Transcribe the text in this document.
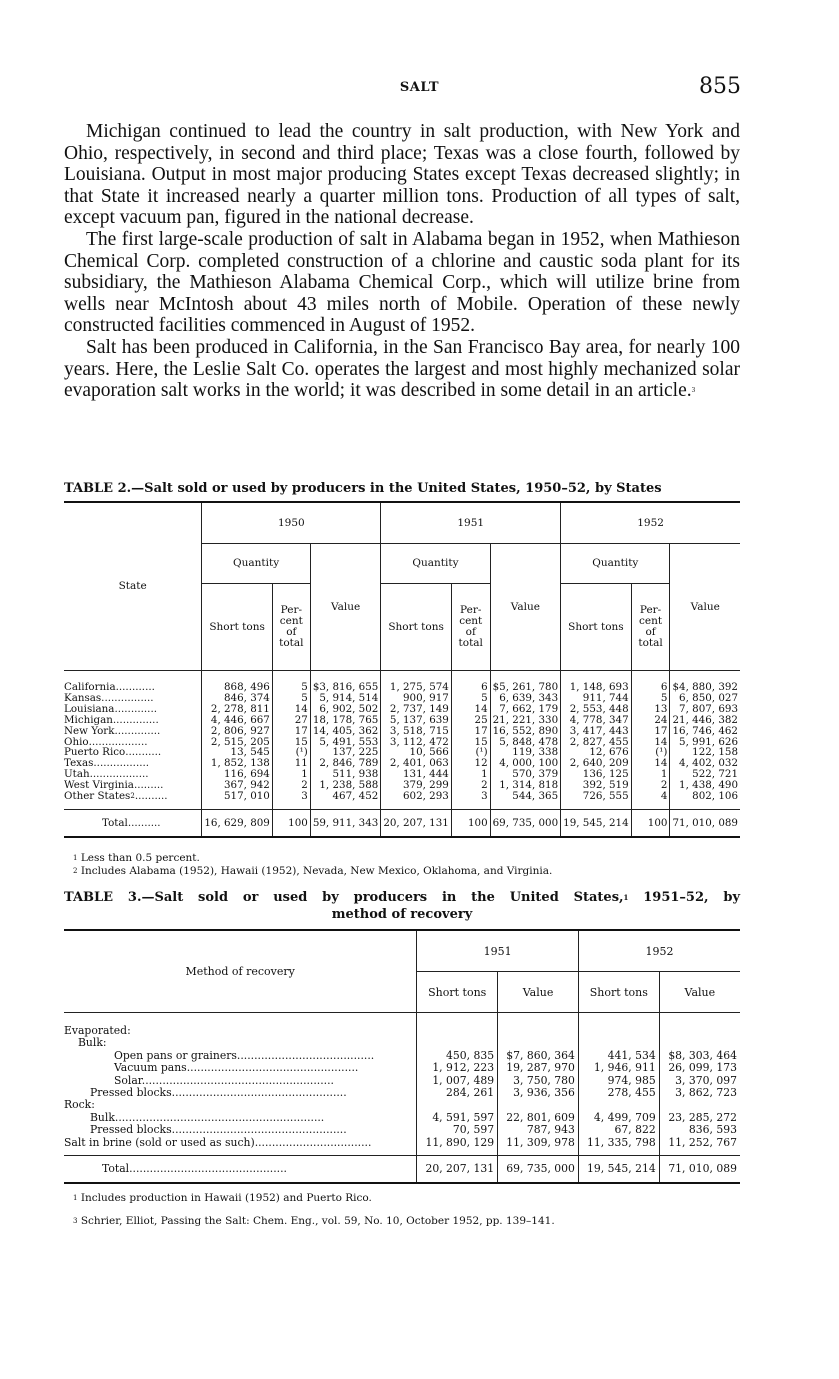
SALT	855

Michigan continued to lead the country in salt production, with New York and Ohio, respectively, in second and third place; Texas was a close fourth, followed by Louisiana. Output in most major producing States except Texas decreased slightly; in that State it increased nearly a quarter million tons. Production of all types of salt, except vacuum pan, figured in the national decrease.

The first large-scale production of salt in Alabama began in 1952, when Mathieson Chemical Corp. completed construction of a chlorine and caustic soda plant for its subsidiary, the Mathieson Alabama Chemical Corp., which will utilize brine from wells near McIntosh about 43 miles north of Mobile. Operation of these newly constructed facilities commenced in August of 1952.

Salt has been produced in California, in the San Francisco Bay area, for nearly 100 years. Here, the Leslie Salt Co. operates the largest and most highly mechanized solar evaporation salt works in the world; it was described in some detail in an article.$^3$

TABLE 2.—Salt sold or used by producers in the United States, 1950–52, by States
State	1950			1951			1952		
	Quantity		Value	Quantity		Value	Quantity		Value
	Short tons	Per- cent of total		Short tons	Per- cent of total		Short tons	Per- cent of total	
California............	868, 496	5	$3, 816, 655	1, 275, 574	6	$5, 261, 780	1, 148, 693	6	$4, 880, 392
Kansas................	846, 374	5	5, 914, 514	900, 917	5	6, 639, 343	911, 744	5	6, 850, 027
Louisiana.............	2, 278, 811	14	6, 902, 502	2, 737, 149	14	7, 662, 179	2, 553, 448	13	7, 807, 693
Michigan..............	4, 446, 667	27	18, 178, 765	5, 137, 639	25	21, 221, 330	4, 778, 347	24	21, 446, 382
New York..............	2, 806, 927	17	14, 405, 362	3, 518, 715	17	16, 552, 890	3, 417, 443	17	16, 746, 462
Ohio..................	2, 515, 205	15	5, 491, 553	3, 112, 472	15	5, 848, 478	2, 827, 455	14	5, 991, 626
Puerto Rico...........	13, 545	(¹)	137, 225	10, 566	(¹)	119, 338	12, 676	(¹)	122, 158
Texas.................	1, 852, 138	11	2, 846, 789	2, 401, 063	12	4, 000, 100	2, 640, 209	14	4, 402, 032
Utah..................	116, 694	1	511, 938	131, 444	1	570, 379	136, 125	1	522, 721
West Virginia.........	367, 942	2	1, 238, 588	379, 299	2	1, 314, 818	392, 519	2	1, 438, 490
Other States$^2$..........	517, 010	3	467, 452	602, 293	3	544, 365	726, 555	4	802, 106
Total..........	16, 629, 809	100	59, 911, 343	20, 207, 131	100	69, 735, 000	19, 545, 214	100	71, 010, 089
$^1$ Less than 0.5 percent.
$^2$ Includes Alabama (1952), Hawaii (1952), Nevada, New Mexico, Oklahoma, and Virginia.
TABLE 3.—Salt sold or used by producers in the United States,$^1$ 1951–52, by
method of recovery
Method of recovery	1951		1952	
	Short tons	Value	Short tons	Value
Evaporated:				
Bulk:				
Open pans or grainers........................................	450, 835	$7, 860, 364	441, 534	$8, 303, 464
Vacuum pans..................................................	1, 912, 223	19, 287, 970	1, 946, 911	26, 099, 173
Solar........................................................	1, 007, 489	3, 750, 780	974, 985	3, 370, 097
Pressed blocks...................................................	284, 261	3, 936, 356	278, 455	3, 862, 723
Rock:				
Bulk.............................................................	4, 591, 597	22, 801, 609	4, 499, 709	23, 285, 272
Pressed blocks...................................................	70, 597	787, 943	67, 822	836, 593
Salt in brine (sold or used as such)..................................	11, 890, 129	11, 309, 978	11, 335, 798	11, 252, 767
Total..............................................	20, 207, 131	69, 735, 000	19, 545, 214	71, 010, 089
$^1$ Includes production in Hawaii (1952) and Puerto Rico.
$^3$ Schrier, Elliot, Passing the Salt: Chem. Eng., vol. 59, No. 10, October 1952, pp. 139–141.
